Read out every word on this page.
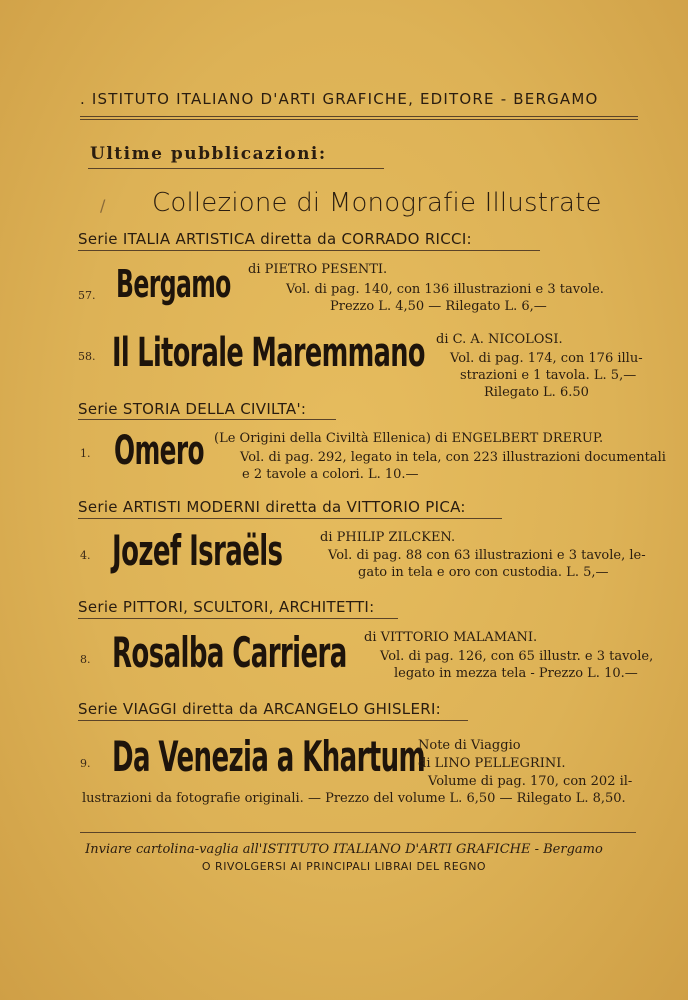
. ISTITUTO ITALIANO D'ARTI GRAFICHE, EDITORE - BERGAMO
Ultime pubblicazioni:
/ Collezione di Monografie Illustrate
Serie ITALIA ARTISTICA diretta da CORRADO RICCI:
57. Bergamo di PIETRO PESENTI.
Vol. di pag. 140, con 136 illustrazioni e 3 tavole.
Prezzo L. 4,50 — Rilegato L. 6,—
58. Il Litorale Maremmano di C. A. NICOLOSI.
Vol. di pag. 174, con 176 illu-
strazioni e 1 tavola. L. 5,—
Rilegato L. 6.50
Serie STORIA DELLA CIVILTA':
1. Omero (Le Origini della Civiltà Ellenica) di ENGELBERT DRERUP.
Vol. di pag. 292, legato in tela, con 223 illustrazioni documentali
e 2 tavole a colori. L. 10.—
Serie ARTISTI MODERNI diretta da VITTORIO PICA:
4. Jozef Israëls	di PHILIP ZILCKEN.
Vol. di pag. 88 con 63 illustrazioni e 3 tavole, le-
gato in tela e oro con custodia. L. 5,—
Serie PITTORI, SCULTORI, ARCHITETTI:
8. Rosalba Carriera di VITTORIO MALAMANI.
Vol. di pag. 126, con 65 illustr. e 3 tavole,
legato in mezza tela - Prezzo L. 10.—
Serie VIAGGI diretta da ARCANGELO GHISLERI:
9. Da Venezia a Khartum
Note di Viaggio
di LINO PELLEGRINI.
Volume di pag. 170, con 202 il-
lustrazioni da fotografie originali. — Prezzo del volume L. 6,50 — Rilegato L. 8,50.
Inviare cartolina-vaglia all'ISTITUTO ITALIANO D'ARTI GRAFICHE - Bergamo
O RIVOLGERSI AI PRINCIPALI LIBRAI DEL REGNO
